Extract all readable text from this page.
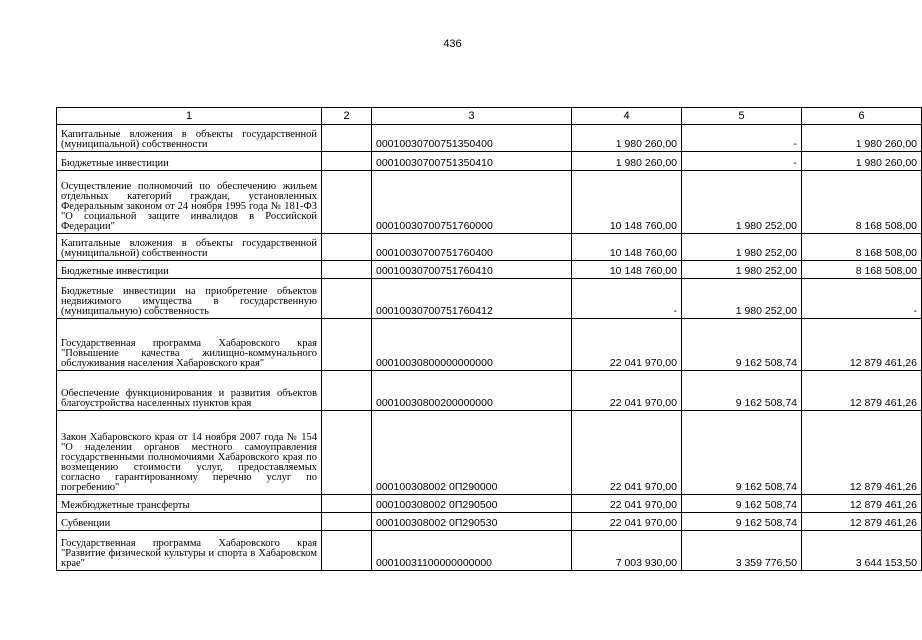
436
1	2	3	4	5	6
Капитальные вложения в объекты государственной (муниципальной) собственности		00010030700751350400	1 980 260,00	-	1 980 260,00
Бюджетные инвестиции		00010030700751350410	1 980 260,00	-	1 980 260,00
Осуществление полномочий по обеспечению жильем отдельных категорий граждан, установленных Федеральным законом от 24 ноября 1995 года № 181-ФЗ "О социальной защите инвалидов в Российской Федерации"		00010030700751760000	10 148 760,00	1 980 252,00	8 168 508,00
Капитальные вложения в объекты государственной (муниципальной) собственности		00010030700751760400	10 148 760,00	1 980 252,00	8 168 508,00
Бюджетные инвестиции		00010030700751760410	10 148 760,00	1 980 252,00	8 168 508,00
Бюджетные инвестиции на приобретение объектов недвижимого имущества в государственную (муниципальную) собственность		00010030700751760412	-	1 980 252,00	-
Государственная программа Хабаровского края "Повышение качества жилищно-коммунального обслуживания населения Хабаровского края"		00010030800000000000	22 041 970,00	9 162 508,74	12 879 461,26
Обеспечение функционирования и развития объектов благоустройства населенных пунктов края		00010030800200000000	22 041 970,00	9 162 508,74	12 879 461,26
Закон Хабаровского края от 14 ноября 2007 года № 154 "О наделении органов местного самоуправления государственными полномочиями Хабаровского края по возмещению стоимости услуг, предоставляемых согласно гарантированному перечню услуг по погребению"		000100308002 0П290000	22 041 970,00	9 162 508,74	12 879 461,26
Межбюджетные трансферты		000100308002 0П290500	22 041 970,00	9 162 508,74	12 879 461,26
Субвенции		000100308002 0П290530	22 041 970,00	9 162 508,74	12 879 461,26
Государственная программа Хабаровского края "Развитие физической культуры и спорта в Хабаровском крае"		00010031100000000000	7 003 930,00	3 359 776,50	3 644 153,50
